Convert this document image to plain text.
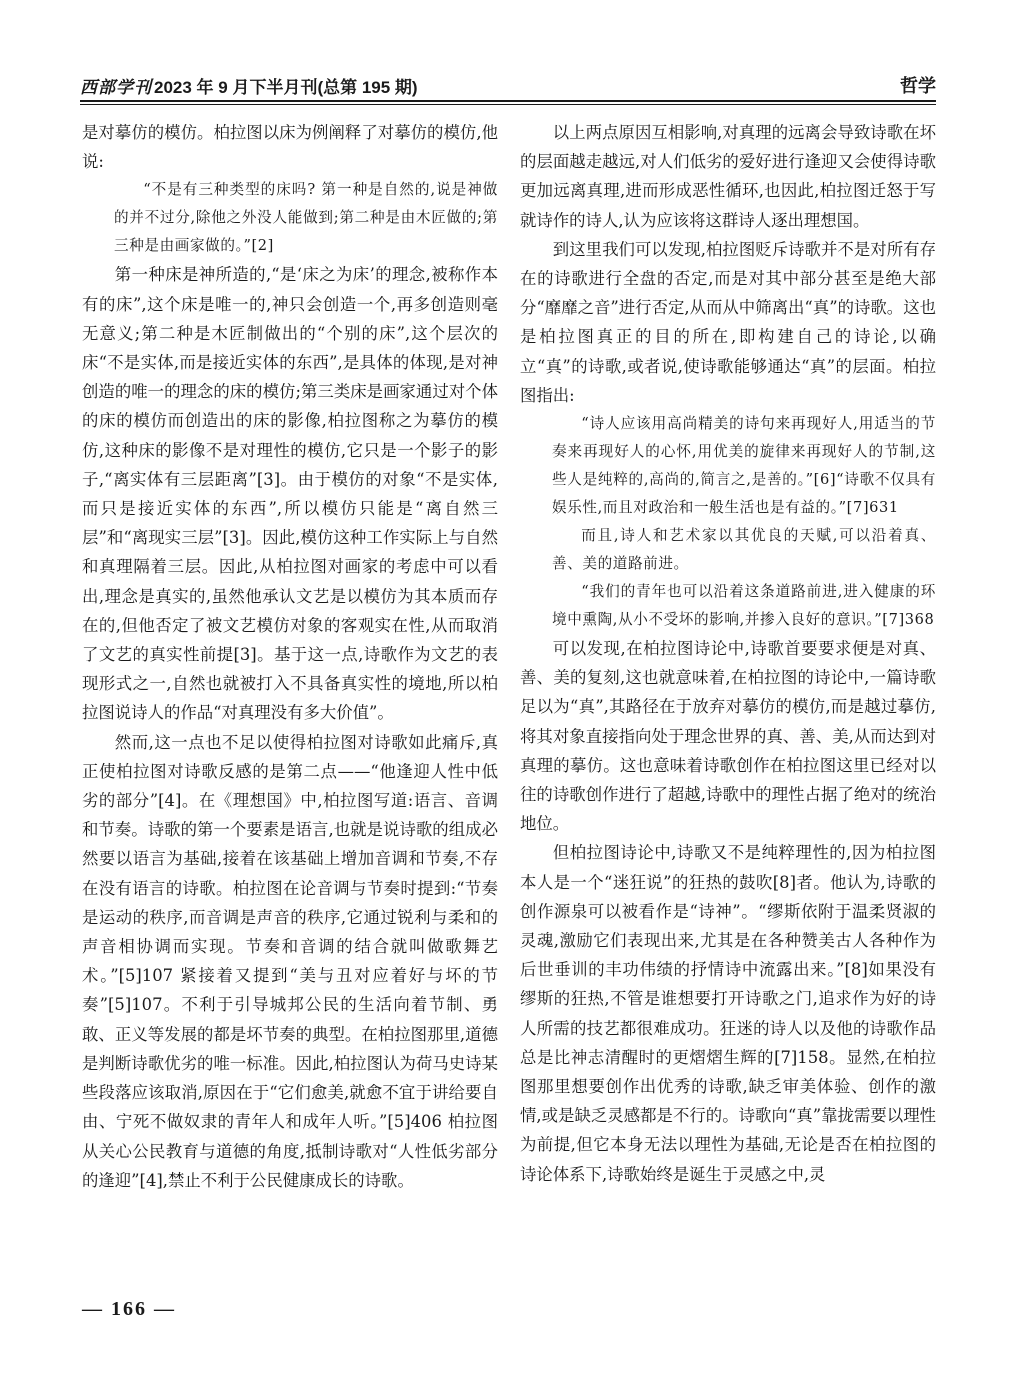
西部学刊 2023 年 9 月下半月刊(总第 195 期)	哲学

是对摹仿的模仿。柏拉图以床为例阐释了对摹仿的模仿,他说:

“不是有三种类型的床吗? 第一种是自然的,说是神做的并不过分,除他之外没人能做到;第二种是由木匠做的;第三种是由画家做的。”[2]

第一种床是神所造的,“是‘床之为床’的理念,被称作本有的床”,这个床是唯一的,神只会创造一个,再多创造则毫无意义;第二种是木匠制做出的“个别的床”,这个层次的床“不是实体,而是接近实体的东西”,是具体的体现,是对神创造的唯一的理念的床的模仿;第三类床是画家通过对个体的床的模仿而创造出的床的影像,柏拉图称之为摹仿的模仿,这种床的影像不是对理性的模仿,它只是一个影子的影子,“离实体有三层距离”[3]。由于模仿的对象“不是实体,而只是接近实体的东西”,所以模仿只能是“离自然三层”和“离现实三层”[3]。因此,模仿这种工作实际上与自然和真理隔着三层。因此,从柏拉图对画家的考虑中可以看出,理念是真实的,虽然他承认文艺是以模仿为其本质而存在的,但他否定了被文艺模仿对象的客观实在性,从而取消了文艺的真实性前提[3]。基于这一点,诗歌作为文艺的表现形式之一,自然也就被打入不具备真实性的境地,所以柏拉图说诗人的作品“对真理没有多大价值”。

然而,这一点也不足以使得柏拉图对诗歌如此痛斥,真正使柏拉图对诗歌反感的是第二点——“他逢迎人性中低劣的部分”[4]。在《理想国》中,柏拉图写道:语言、音调和节奏。诗歌的第一个要素是语言,也就是说诗歌的组成必然要以语言为基础,接着在该基础上增加音调和节奏,不存在没有语言的诗歌。柏拉图在论音调与节奏时提到:“节奏是运动的秩序,而音调是声音的秩序,它通过锐利与柔和的声音相协调而实现。节奏和音调的结合就叫做歌舞艺术。”[5]107 紧接着又提到“美与丑对应着好与坏的节奏”[5]107。不利于引导城邦公民的生活向着节制、勇敢、正义等发展的都是坏节奏的典型。在柏拉图那里,道德是判断诗歌优劣的唯一标准。因此,柏拉图认为荷马史诗某些段落应该取消,原因在于“它们愈美,就愈不宜于讲给要自由、宁死不做奴隶的青年人和成年人听。”[5]406 柏拉图从关心公民教育与道德的角度,抵制诗歌对“人性低劣部分的逢迎”[4],禁止不利于公民健康成长的诗歌。

以上两点原因互相影响,对真理的远离会导致诗歌在坏的层面越走越远,对人们低劣的爱好进行逢迎又会使得诗歌更加远离真理,进而形成恶性循环,也因此,柏拉图迁怒于写就诗作的诗人,认为应该将这群诗人逐出理想国。

到这里我们可以发现,柏拉图贬斥诗歌并不是对所有存在的诗歌进行全盘的否定,而是对其中部分甚至是绝大部分“靡靡之音”进行否定,从而从中筛离出“真”的诗歌。这也是柏拉图真正的目的所在,即构建自己的诗论,以确立“真”的诗歌,或者说,使诗歌能够通达“真”的层面。柏拉图指出:

“诗人应该用高尚精美的诗句来再现好人,用适当的节奏来再现好人的心怀,用优美的旋律来再现好人的节制,这些人是纯粹的,高尚的,简言之,是善的。”[6]“诗歌不仅具有娱乐性,而且对政治和一般生活也是有益的。”[7]631

而且,诗人和艺术家以其优良的天赋,可以沿着真、善、美的道路前进。

“我们的青年也可以沿着这条道路前进,进入健康的环境中熏陶,从小不受坏的影响,并掺入良好的意识。”[7]368

可以发现,在柏拉图诗论中,诗歌首要要求便是对真、善、美的复刻,这也就意味着,在柏拉图的诗论中,一篇诗歌足以为“真”,其路径在于放弃对摹仿的模仿,而是越过摹仿,将其对象直接指向处于理念世界的真、善、美,从而达到对真理的摹仿。这也意味着诗歌创作在柏拉图这里已经对以往的诗歌创作进行了超越,诗歌中的理性占据了绝对的统治地位。

但柏拉图诗论中,诗歌又不是纯粹理性的,因为柏拉图本人是一个“迷狂说”的狂热的鼓吹[8]者。他认为,诗歌的创作源泉可以被看作是“诗神”。“缪斯依附于温柔贤淑的灵魂,激励它们表现出来,尤其是在各种赞美古人各种作为后世垂训的丰功伟绩的抒情诗中流露出来。”[8]如果没有缪斯的狂热,不管是谁想要打开诗歌之门,追求作为好的诗人所需的技艺都很难成功。狂迷的诗人以及他的诗歌作品总是比神志清醒时的更熠熠生辉的[7]158。显然,在柏拉图那里想要创作出优秀的诗歌,缺乏审美体验、创作的激情,或是缺乏灵感都是不行的。诗歌向“真”靠拢需要以理性为前提,但它本身无法以理性为基础,无论是否在柏拉图的诗论体系下,诗歌始终是诞生于灵感之中,灵

— 166 —
